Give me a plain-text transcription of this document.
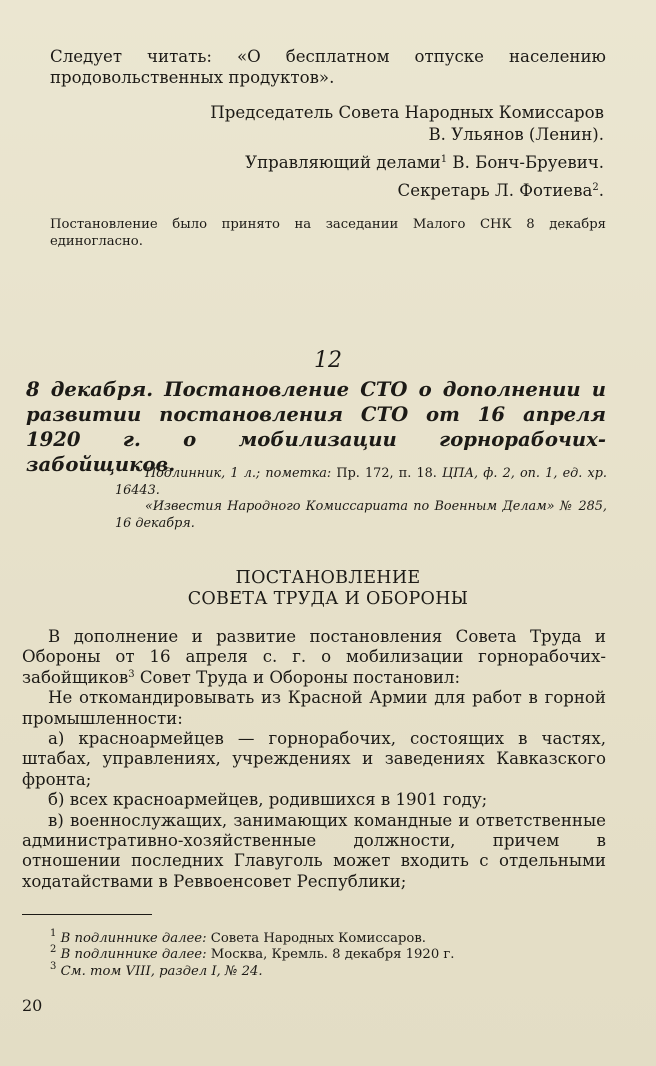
Следует читать: «О бесплатном отпуске населению продовольственных продуктов».

Председатель Совета Народных Комиссаров
В. Ульянов (Ленин).
Управляющий делами$^1$ В. Бонч-Бруевич.
Секретарь Л. Фотиева$^2$.

Постановление было принято на заседании Малого СНК 8 декабря единогласно.

12

8 декабря. Постановление СТО о дополнении и развитии постановления СТО от 16 апреля 1920 г. о мобилизации горнорабочих-забойщиков.

Подлинник, 1 л.; пометка: Пр. 172, п. 18. ЦПА, ф. 2, оп. 1, ед. хр. 16443.

«Известия Народного Комиссариата по Военным Делам» № 285, 16 декабря.

ПОСТАНОВЛЕНИЕ
СОВЕТА ТРУДА И ОБОРОНЫ

В дополнение и развитие постановления Совета Труда и Обороны от 16 апреля с. г. о мобилизации горнорабочих-забойщиков$^3$ Совет Труда и Обороны постановил:

Не откомандировывать из Красной Армии для работ в горной промышленности:

а) красноармейцев — горнорабочих, состоящих в частях, штабах, управлениях, учреждениях и заведениях Кавказского фронта;

б) всех красноармейцев, родившихся в 1901 году;

в) военнослужащих, занимающих командные и ответственные административно-хозяйственные должности, причем в отношении последних Главуголь может входить с отдельными ходатайствами в Реввоенсовет Республики;

$^1$ В подлиннике далее: Совета Народных Комиссаров.
$^2$ В подлиннике далее: Москва, Кремль. 8 декабря 1920 г.
$^3$ См. том VIII, раздел I, № 24.
20
